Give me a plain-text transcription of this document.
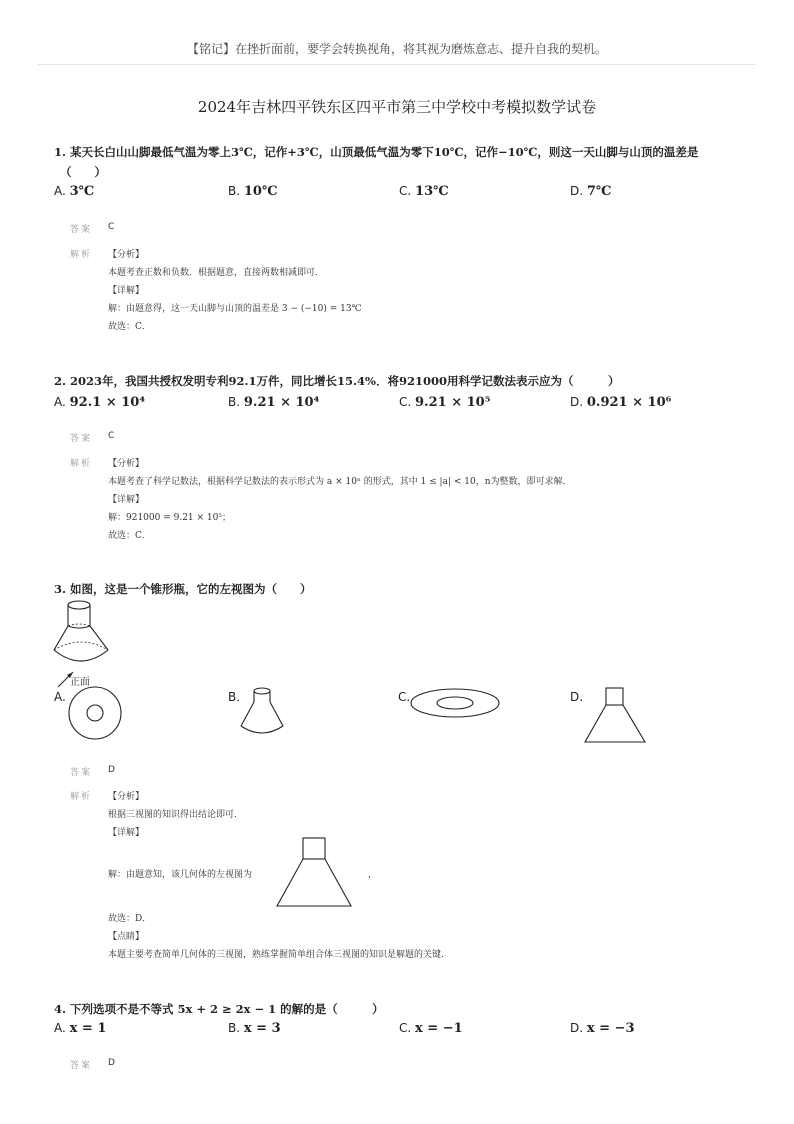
【铭记】在挫折面前，要学会转换视角，将其视为磨炼意志、提升自我的契机。
2024年吉林四平铁东区四平市第三中学校中考模拟数学试卷
1. 某天长白山山脚最低气温为零上3℃，记作+3℃，山顶最低气温为零下10℃，记作−10℃，则这一天山脚与山顶的温差是
（　　）
A. 3℃	B. 10℃	C. 13℃	D. 7℃
答案 C
解析 【分析】
本题考查正数和负数．根据题意，直接两数相减即可．
【详解】
解：由题意得，这一天山脚与山顶的温差是 3 − (−10) = 13℃
故选：C．
2. 2023年，我国共授权发明专利92.1万件，同比增长15.4%．将921000用科学记数法表示应为（　　　）
A. 92.1 × 10⁴	B. 9.21 × 10⁴	C. 9.21 × 10⁵	D. 0.921 × 10⁶
答案 C
解析 【分析】
本题考查了科学记数法，根据科学记数法的表示形式为 a × 10ⁿ 的形式，其中 1 ≤ |a| < 10，n为整数，即可求解．
【详解】
解：921000 = 9.21 × 10⁵；
故选：C．
3. 如图，这是一个锥形瓶，它的左视图为（　　）
正面
A.	B.	C.	D.
答案 D
解析 【分析】
根据三视图的知识得出结论即可．
【详解】
解：由题意知，该几何体的左视图为	，
故选：D．
【点睛】
本题主要考查简单几何体的三视图，熟练掌握简单组合体三视图的知识是解题的关键．
4. 下列选项不是不等式 5x + 2 ≥ 2x − 1 的解的是（　　　）
A. x = 1	B. x = 3	C. x = −1	D. x = −3
答案 D
